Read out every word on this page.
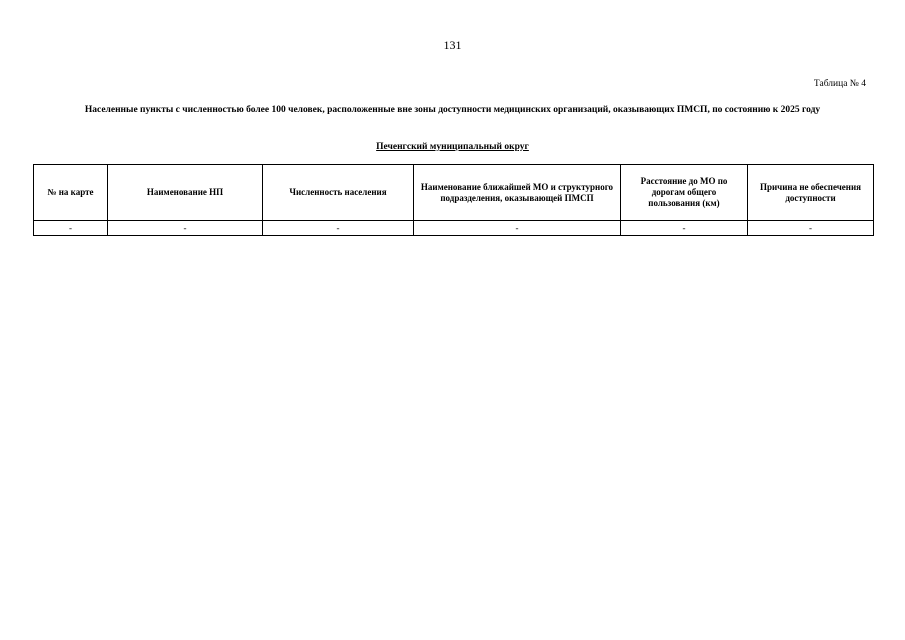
131
Таблица № 4
Населенные пункты с численностью более 100 человек, расположенные вне зоны доступности медицинских организаций, оказывающих ПМСП, по состоянию к 2025 году
Печенгский муниципальный округ
№ на карте	Наименование НП	Численность населения	Наименование ближайшей МО и структурного подразделения, оказывающей ПМСП	Расстояние до МО по дорогам общего пользования (км)	Причина не обеспечения доступности
-	-	-	-	-	-
